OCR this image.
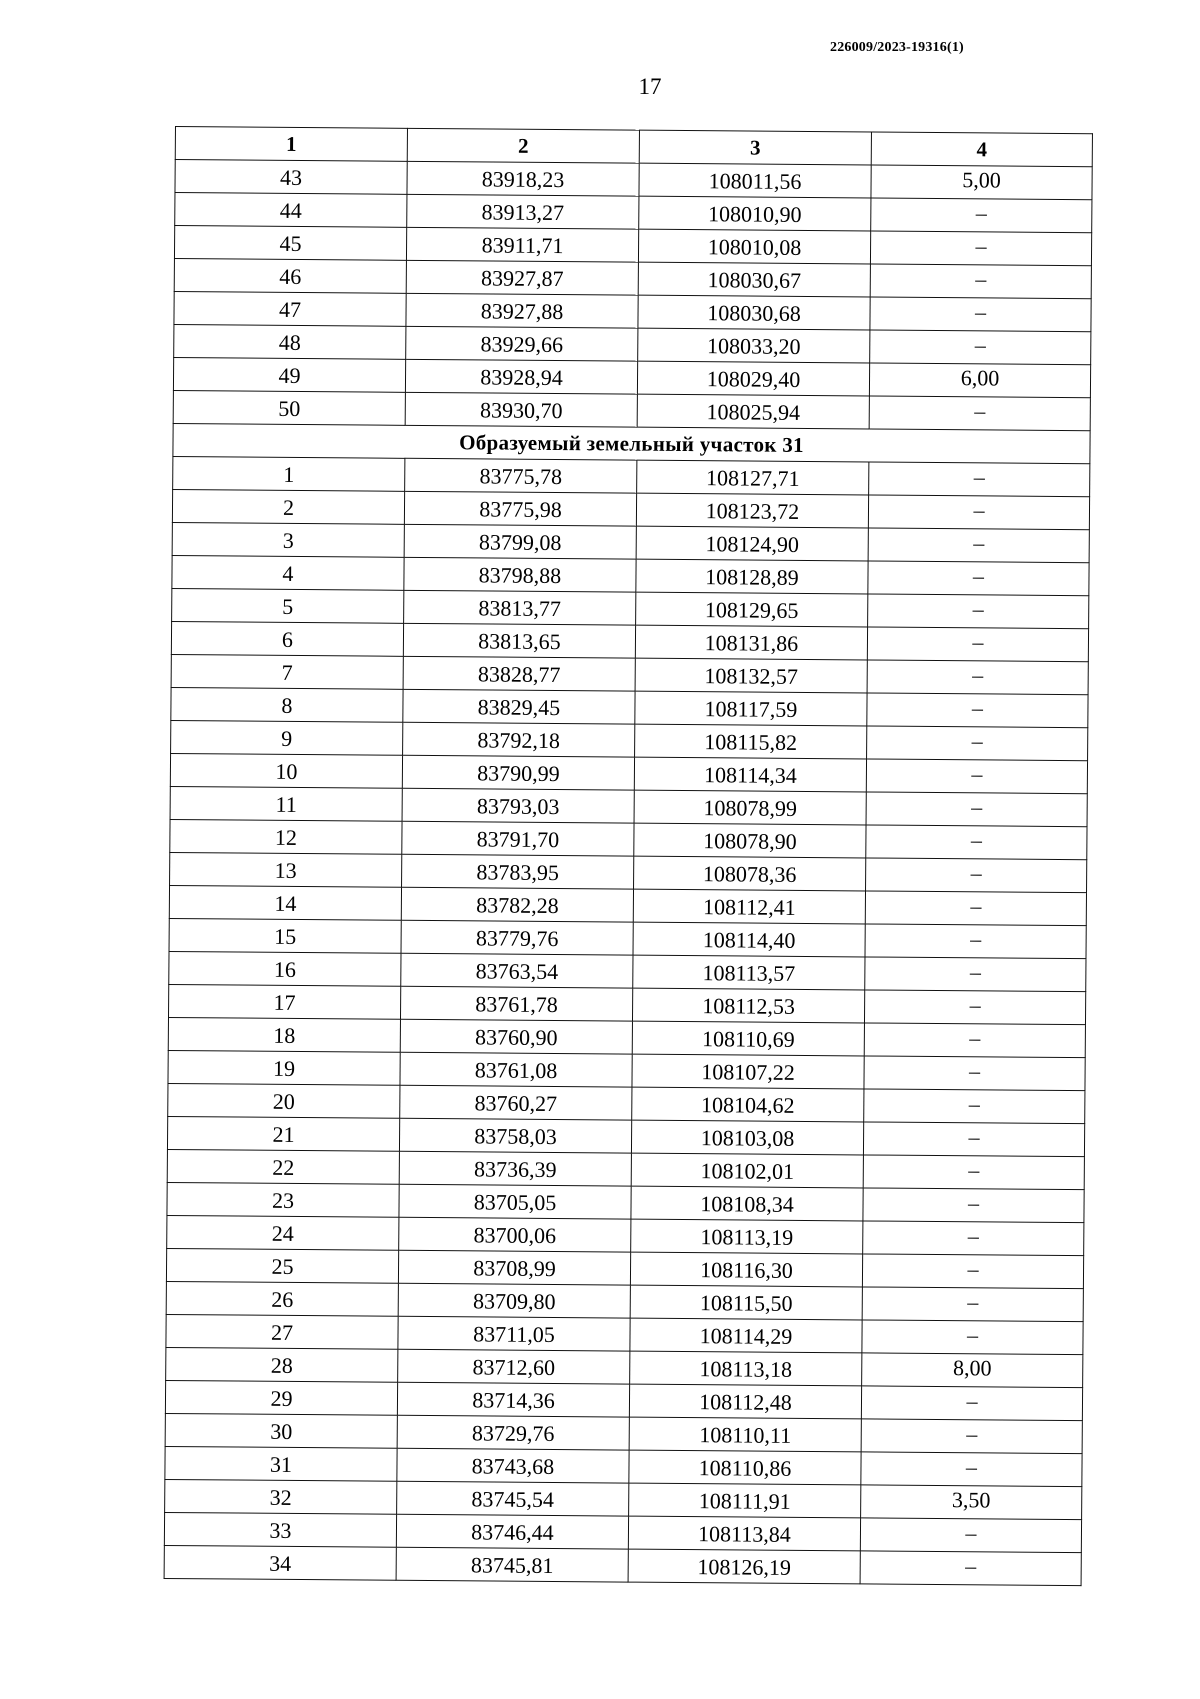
226009/2023-19316(1)
17
1	2	3	4
43	83918,23	108011,56	5,00
44	83913,27	108010,90	–
45	83911,71	108010,08	–
46	83927,87	108030,67	–
47	83927,88	108030,68	–
48	83929,66	108033,20	–
49	83928,94	108029,40	6,00
50	83930,70	108025,94	–
Образуемый земельный участок 31			
1	83775,78	108127,71	–
2	83775,98	108123,72	–
3	83799,08	108124,90	–
4	83798,88	108128,89	–
5	83813,77	108129,65	–
6	83813,65	108131,86	–
7	83828,77	108132,57	–
8	83829,45	108117,59	–
9	83792,18	108115,82	–
10	83790,99	108114,34	–
11	83793,03	108078,99	–
12	83791,70	108078,90	–
13	83783,95	108078,36	–
14	83782,28	108112,41	–
15	83779,76	108114,40	–
16	83763,54	108113,57	–
17	83761,78	108112,53	–
18	83760,90	108110,69	–
19	83761,08	108107,22	–
20	83760,27	108104,62	–
21	83758,03	108103,08	–
22	83736,39	108102,01	–
23	83705,05	108108,34	–
24	83700,06	108113,19	–
25	83708,99	108116,30	–
26	83709,80	108115,50	–
27	83711,05	108114,29	–
28	83712,60	108113,18	8,00
29	83714,36	108112,48	–
30	83729,76	108110,11	–
31	83743,68	108110,86	–
32	83745,54	108111,91	3,50
33	83746,44	108113,84	–
34	83745,81	108126,19	–
